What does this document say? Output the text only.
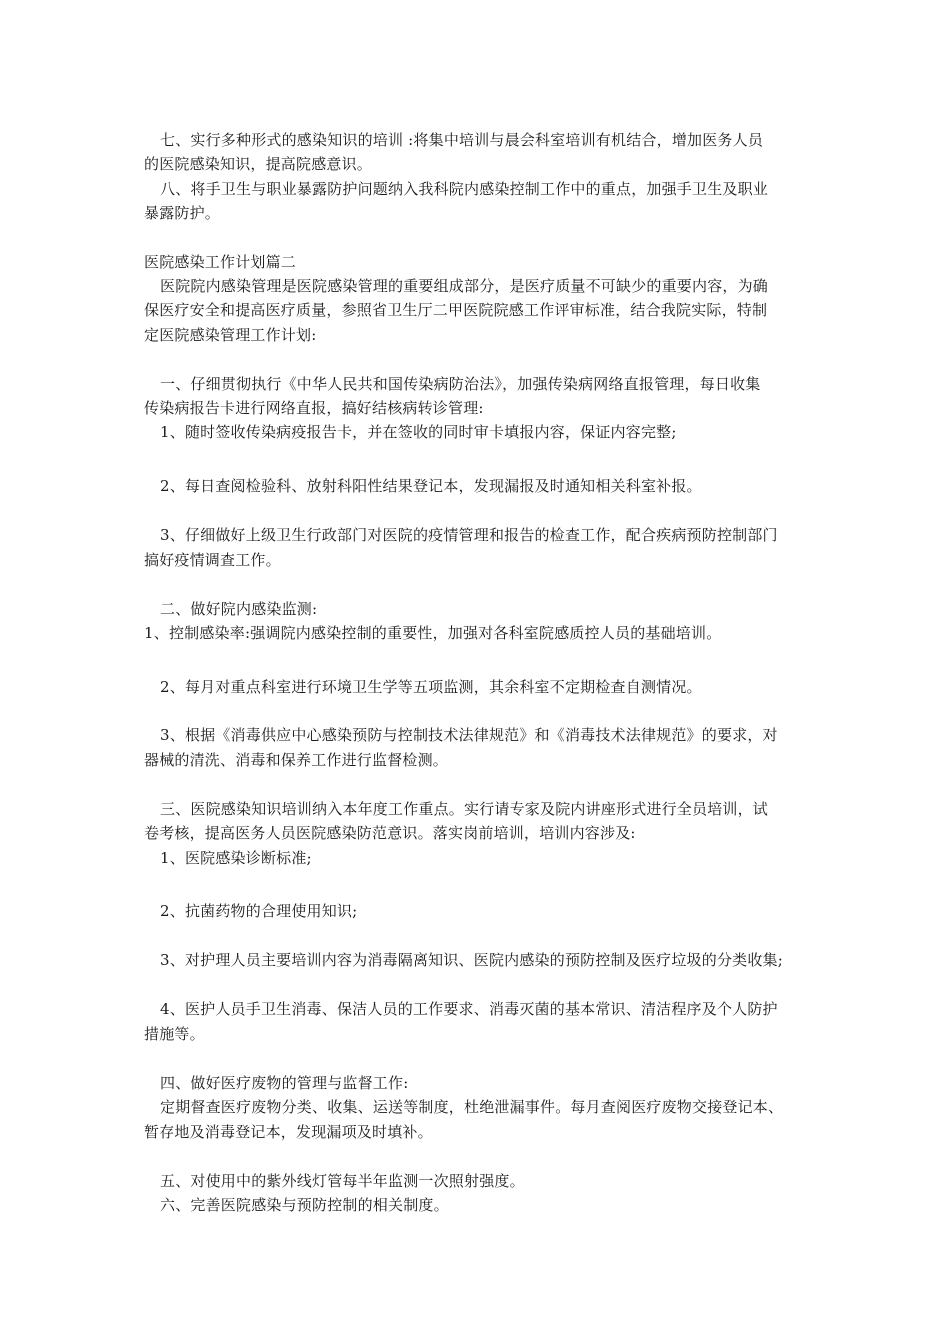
七、实行多种形式的感染知识的培训 :将集中培训与晨会科室培训有机结合，增加医务人员
的医院感染知识，提高院感意识。
八、将手卫生与职业暴露防护问题纳入我科院内感染控制工作中的重点，加强手卫生及职业
暴露防护。
医院感染工作计划篇二
医院院内感染管理是医院感染管理的重要组成部分，是医疗质量不可缺少的重要内容，为确
保医疗安全和提高医疗质量，参照省卫生厅二甲医院院感工作评审标准，结合我院实际，特制
定医院感染管理工作计划:
一、仔细贯彻执行《中华人民共和国传染病防治法》，加强传染病网络直报管理，每日收集
传染病报告卡进行网络直报，搞好结核病转诊管理:
1、随时签收传染病疫报告卡，并在签收的同时审卡填报内容，保证内容完整;
2、每日查阅检验科、放射科阳性结果登记本，发现漏报及时通知相关科室补报。
3、仔细做好上级卫生行政部门对医院的疫情管理和报告的检查工作，配合疾病预防控制部门
搞好疫情调查工作。
二、做好院内感染监测:
1、控制感染率:强调院内感染控制的重要性，加强对各科室院感质控人员的基础培训。
2、每月对重点科室进行环境卫生学等五项监测，其余科室不定期检查自测情况。
3、根据《消毒供应中心感染预防与控制技术法律规范》和《消毒技术法律规范》的要求，对
器械的清洗、消毒和保养工作进行监督检测。
三、医院感染知识培训纳入本年度工作重点。实行请专家及院内讲座形式进行全员培训，试
卷考核，提高医务人员医院感染防范意识。落实岗前培训，培训内容涉及:
1、医院感染诊断标准;
2、抗菌药物的合理使用知识;
3、对护理人员主要培训内容为消毒隔离知识、医院内感染的预防控制及医疗垃圾的分类收集;
4、医护人员手卫生消毒、保洁人员的工作要求、消毒灭菌的基本常识、清洁程序及个人防护
措施等。
四、做好医疗废物的管理与监督工作:
定期督查医疗废物分类、收集、运送等制度，杜绝泄漏事件。每月查阅医疗废物交接登记本、
暂存地及消毒登记本，发现漏项及时填补。
五、对使用中的紫外线灯管每半年监测一次照射强度。
六、完善医院感染与预防控制的相关制度。
